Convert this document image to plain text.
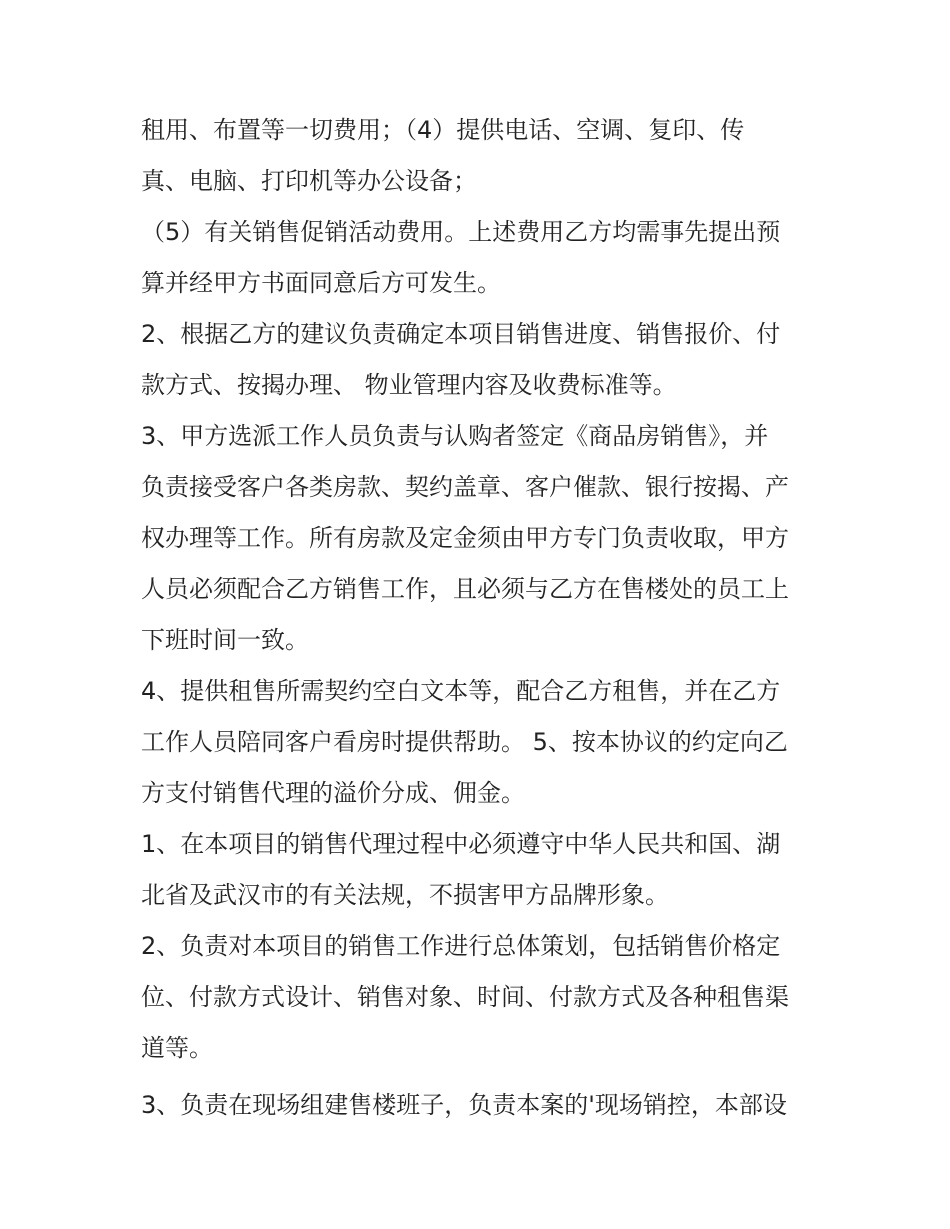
租用、布置等一切费用；（4）提供电话、空调、复印、传
真、电脑、打印机等办公设备；
（5）有关销售促销活动费用。上述费用乙方均需事先提出预
算并经甲方书面同意后方可发生。
2、根据乙方的建议负责确定本项目销售进度、销售报价、付
款方式、按揭办理、 物业管理内容及收费标准等。
3、甲方选派工作人员负责与认购者签定《商品房销售》，并
负责接受客户各类房款、契约盖章、客户催款、银行按揭、产
权办理等工作。所有房款及定金须由甲方专门负责收取，甲方
人员必须配合乙方销售工作，且必须与乙方在售楼处的员工上
下班时间一致。
4、提供租售所需契约空白文本等，配合乙方租售，并在乙方
工作人员陪同客户看房时提供帮助。 5、按本协议的约定向乙
方支付销售代理的溢价分成、佣金。
1、在本项目的销售代理过程中必须遵守中华人民共和国、湖
北省及武汉市的有关法规，不损害甲方品牌形象。
2、负责对本项目的销售工作进行总体策划，包括销售价格定
位、付款方式设计、销售对象、时间、付款方式及各种租售渠
道等。
3、负责在现场组建售楼班子，负责本案的'现场销控，本部设
